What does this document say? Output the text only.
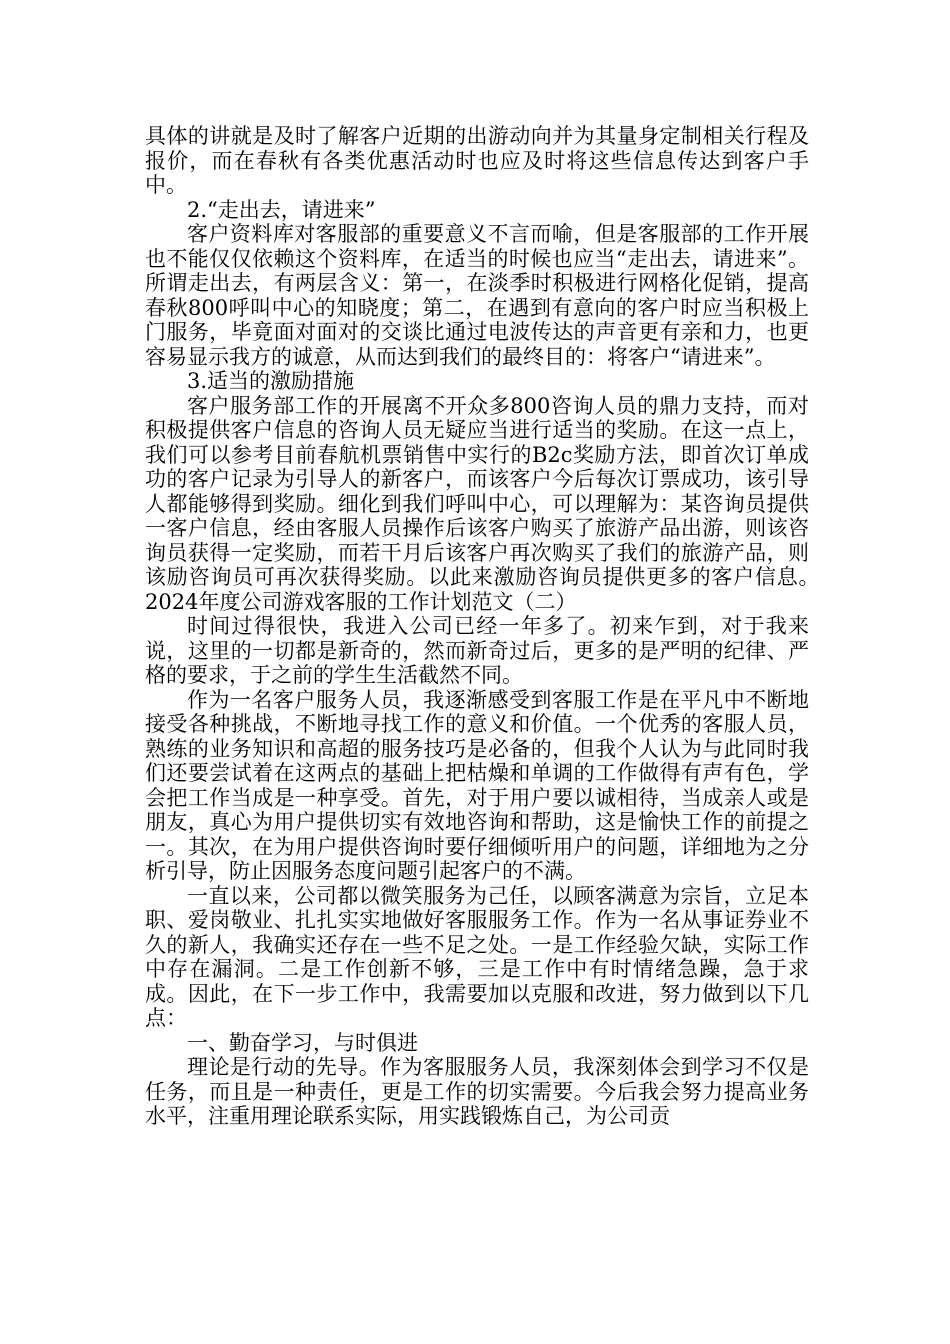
具体的讲就是及时了解客户近期的出游动向并为其量身定制相关行程及报价，而在春秋有各类优惠活动时也应及时将这些信息传达到客户手中。

2.“走出去，请进来”

客户资料库对客服部的重要意义不言而喻，但是客服部的工作开展也不能仅仅依赖这个资料库，在适当的时候也应当“走出去，请进来”。所谓走出去，有两层含义：第一，在淡季时积极进行网格化促销，提高春秋800呼叫中心的知晓度；第二，在遇到有意向的客户时应当积极上门服务，毕竟面对面对的交谈比通过电波传达的声音更有亲和力，也更容易显示我方的诚意，从而达到我们的最终目的：将客户“请进来”。

3.适当的激励措施

客户服务部工作的开展离不开众多800咨询人员的鼎力支持，而对积极提供客户信息的咨询人员无疑应当进行适当的奖励。在这一点上，我们可以参考目前春航机票销售中实行的B2c奖励方法，即首次订单成功的客户记录为引导人的新客户，而该客户今后每次订票成功，该引导人都能够得到奖励。细化到我们呼叫中心，可以理解为：某咨询员提供一客户信息，经由客服人员操作后该客户购买了旅游产品出游，则该咨询员获得一定奖励，而若干月后该客户再次购买了我们的旅游产品，则该励咨询员可再次获得奖励。以此来激励咨询员提供更多的客户信息。　　2024年度公司游戏客服的工作计划范文（二）

时间过得很快，我进入公司已经一年多了。初来乍到，对于我来说，这里的一切都是新奇的，然而新奇过后，更多的是严明的纪律、严格的要求，于之前的学生生活截然不同。

作为一名客户服务人员，我逐渐感受到客服工作是在平凡中不断地接受各种挑战，不断地寻找工作的意义和价值。一个优秀的客服人员，熟练的业务知识和高超的服务技巧是必备的，但我个人认为与此同时我们还要尝试着在这两点的基础上把枯燥和单调的工作做得有声有色，学会把工作当成是一种享受。首先，对于用户要以诚相待，当成亲人或是朋友，真心为用户提供切实有效地咨询和帮助，这是愉快工作的前提之一。其次，在为用户提供咨询时要仔细倾听用户的问题，详细地为之分析引导，防止因服务态度问题引起客户的不满。

一直以来，公司都以微笑服务为己任，以顾客满意为宗旨，立足本职、爱岗敬业、扎扎实实地做好客服服务工作。作为一名从事证券业不久的新人，我确实还存在一些不足之处。一是工作经验欠缺，实际工作中存在漏洞。二是工作创新不够，三是工作中有时情绪急躁，急于求成。因此，在下一步工作中，我需要加以克服和改进，努力做到以下几点：

一、勤奋学习，与时俱进

理论是行动的先导。作为客服服务人员，我深刻体会到学习不仅是任务，而且是一种责任，更是工作的切实需要。今后我会努力提高业务水平，注重用理论联系实际，用实践锻炼自己，为公司贡
